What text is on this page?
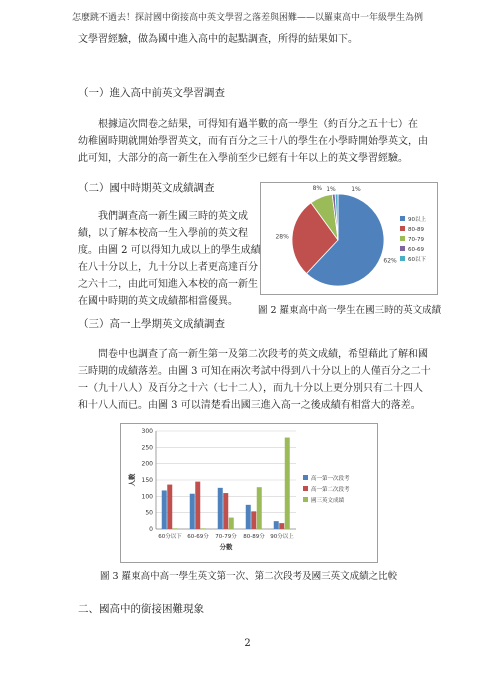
怎麼跳不過去！探討國中銜接高中英文學習之落差與困難——以羅東高中一年級學生為例
文學習經驗，做為國中進入高中的起點調查，所得的結果如下。
（一）進入高中前英文學習調查
根據這次問卷之結果，可得知有過半數的高一學生（約百分之五十七）在
幼稚園時期就開始學習英文，而有百分之三十八的學生在小學時開始學英文，由
此可知，大部分的高一新生在入學前至少已經有十年以上的英文學習經驗。
（二）國中時期英文成績調查
我們調查高一新生國三時的英文成
績，以了解本校高一生入學前的英文程
度。由圖 2 可以得知九成以上的學生成績
在八十分以上，九十分以上者更高達百分
之六十二，由此可知進入本校的高一新生
在國中時期的英文成績都相當優異。
62%
28%
8% 1%	1%
90以上
80-89
70-79
60-69
60以下
圖 2 羅東高中高一學生在國三時的英文成績
（三）高一上學期英文成績調查
問卷中也調查了高一新生第一及第二次段考的英文成績，希望藉此了解和國
三時期的成績落差。由圖 3 可知在兩次考試中得到八十分以上的人僅百分之二十
一（九十八人）及百分之十六（七十二人），而九十分以上更分別只有二十四人
和十八人而已。由圖 3 可以清楚看出國三進入高一之後成績有相當大的落差。
0
50
100
150
200
250
300
60分以下 60-69分 70-79分 80-89分 90分以上
分數
人數	高一第一次段考
高一第二次段考
國三英文成績
圖 3 羅東高中高一學生英文第一次、第二次段考及國三英文成績之比較
二、國高中的銜接困難現象
2
